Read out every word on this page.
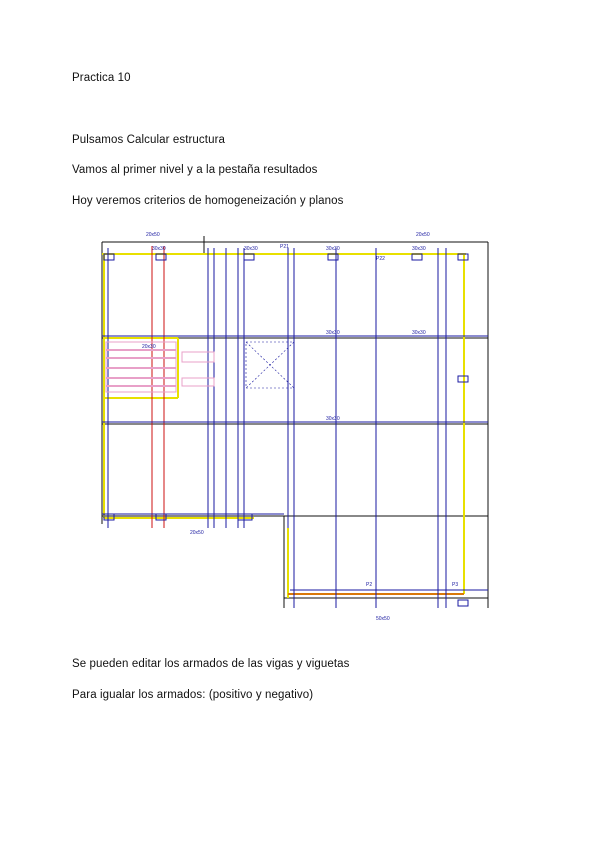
Practica 10
Pulsamos Calcular estructura
Vamos al primer nivel y a la pestaña resultados
Hoy veremos criterios de homogeneización y planos
20x50	20x50
P21
P22
30x30	30x30	30x30	30x30
30x30
20x30
30x30
30x30
20x50
50x50
P2	P3
Se pueden editar los armados de las vigas y viguetas
Para igualar los armados: (positivo y negativo)
